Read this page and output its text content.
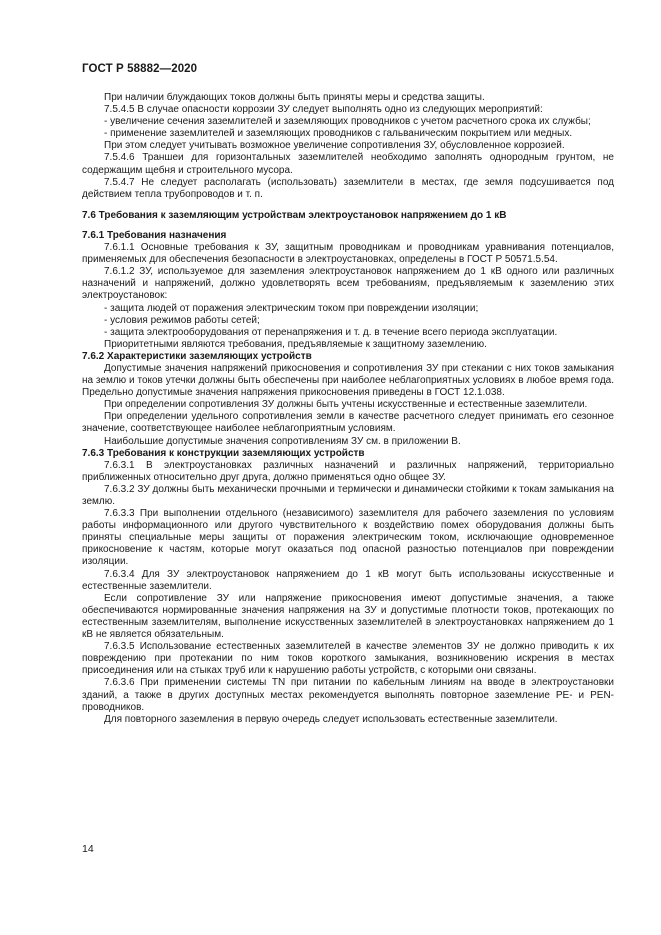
ГОСТ Р 58882—2020

При наличии блуждающих токов должны быть приняты меры и средства защиты.

7.5.4.5 В случае опасности коррозии ЗУ следует выполнять одно из следующих мероприятий:

- увеличение сечения заземлителей и заземляющих проводников с учетом расчетного срока их службы;

- применение заземлителей и заземляющих проводников с гальваническим покрытием или медных.

При этом следует учитывать возможное увеличение сопротивления ЗУ, обусловленное коррозией.

7.5.4.6 Траншеи для горизонтальных заземлителей необходимо заполнять однородным грунтом, не содержащим щебня и строительного мусора.

7.5.4.7 Не следует располагать (использовать) заземлители в местах, где земля подсушивается под действием тепла трубопроводов и т. п.

7.6 Требования к заземляющим устройствам электроустановок напряжением до 1 кВ

7.6.1 Требования назначения

7.6.1.1 Основные требования к ЗУ, защитным проводникам и проводникам уравнивания потенциалов, применяемых для обеспечения безопасности в электроустановках, определены в ГОСТ Р 50571.5.54.

7.6.1.2 ЗУ, используемое для заземления электроустановок напряжением до 1 кВ одного или различных назначений и напряжений, должно удовлетворять всем требованиям, предъявляемым к заземлению этих электроустановок:

- защита людей от поражения электрическим током при повреждении изоляции;

- условия режимов работы сетей;

- защита электрооборудования от перенапряжения и т. д. в течение всего периода эксплуатации.

Приоритетными являются требования, предъявляемые к защитному заземлению.

7.6.2 Характеристики заземляющих устройств

Допустимые значения напряжений прикосновения и сопротивления ЗУ при стекании с них токов замыкания на землю и токов утечки должны быть обеспечены при наиболее неблагоприятных условиях в любое время года. Предельно допустимые значения напряжения прикосновения приведены в ГОСТ 12.1.038.

При определении сопротивления ЗУ должны быть учтены искусственные и естественные заземлители.

При определении удельного сопротивления земли в качестве расчетного следует принимать его сезонное значение, соответствующее наиболее неблагоприятным условиям.

Наибольшие допустимые значения сопротивлениям ЗУ см. в приложении В.

7.6.3 Требования к конструкции заземляющих устройств

7.6.3.1 В электроустановках различных назначений и различных напряжений, территориально приближенных относительно друг друга, должно применяться одно общее ЗУ.

7.6.3.2 ЗУ должны быть механически прочными и термически и динамически стойкими к токам замыкания на землю.

7.6.3.3 При выполнении отдельного (независимого) заземлителя для рабочего заземления по условиям работы информационного или другого чувствительного к воздействию помех оборудования должны быть приняты специальные меры защиты от поражения электрическим током, исключающие одновременное прикосновение к частям, которые могут оказаться под опасной разностью потенциалов при повреждении изоляции.

7.6.3.4 Для ЗУ электроустановок напряжением до 1 кВ могут быть использованы искусственные и естественные заземлители.

Если сопротивление ЗУ или напряжение прикосновения имеют допустимые значения, а также обеспечиваются нормированные значения напряжения на ЗУ и допустимые плотности токов, протекающих по естественным заземлителям, выполнение искусственных заземлителей в электроустановках напряжением до 1 кВ не является обязательным.

7.6.3.5 Использование естественных заземлителей в качестве элементов ЗУ не должно приводить к их повреждению при протекании по ним токов короткого замыкания, возникновению искрения в местах присоединения или на стыках труб или к нарушению работы устройств, с которыми они связаны.

7.6.3.6 При применении системы TN при питании по кабельным линиям на вводе в электроустановки зданий, а также в других доступных местах рекомендуется выполнять повторное заземление PE- и PEN-проводников.

Для повторного заземления в первую очередь следует использовать естественные заземлители.

14
